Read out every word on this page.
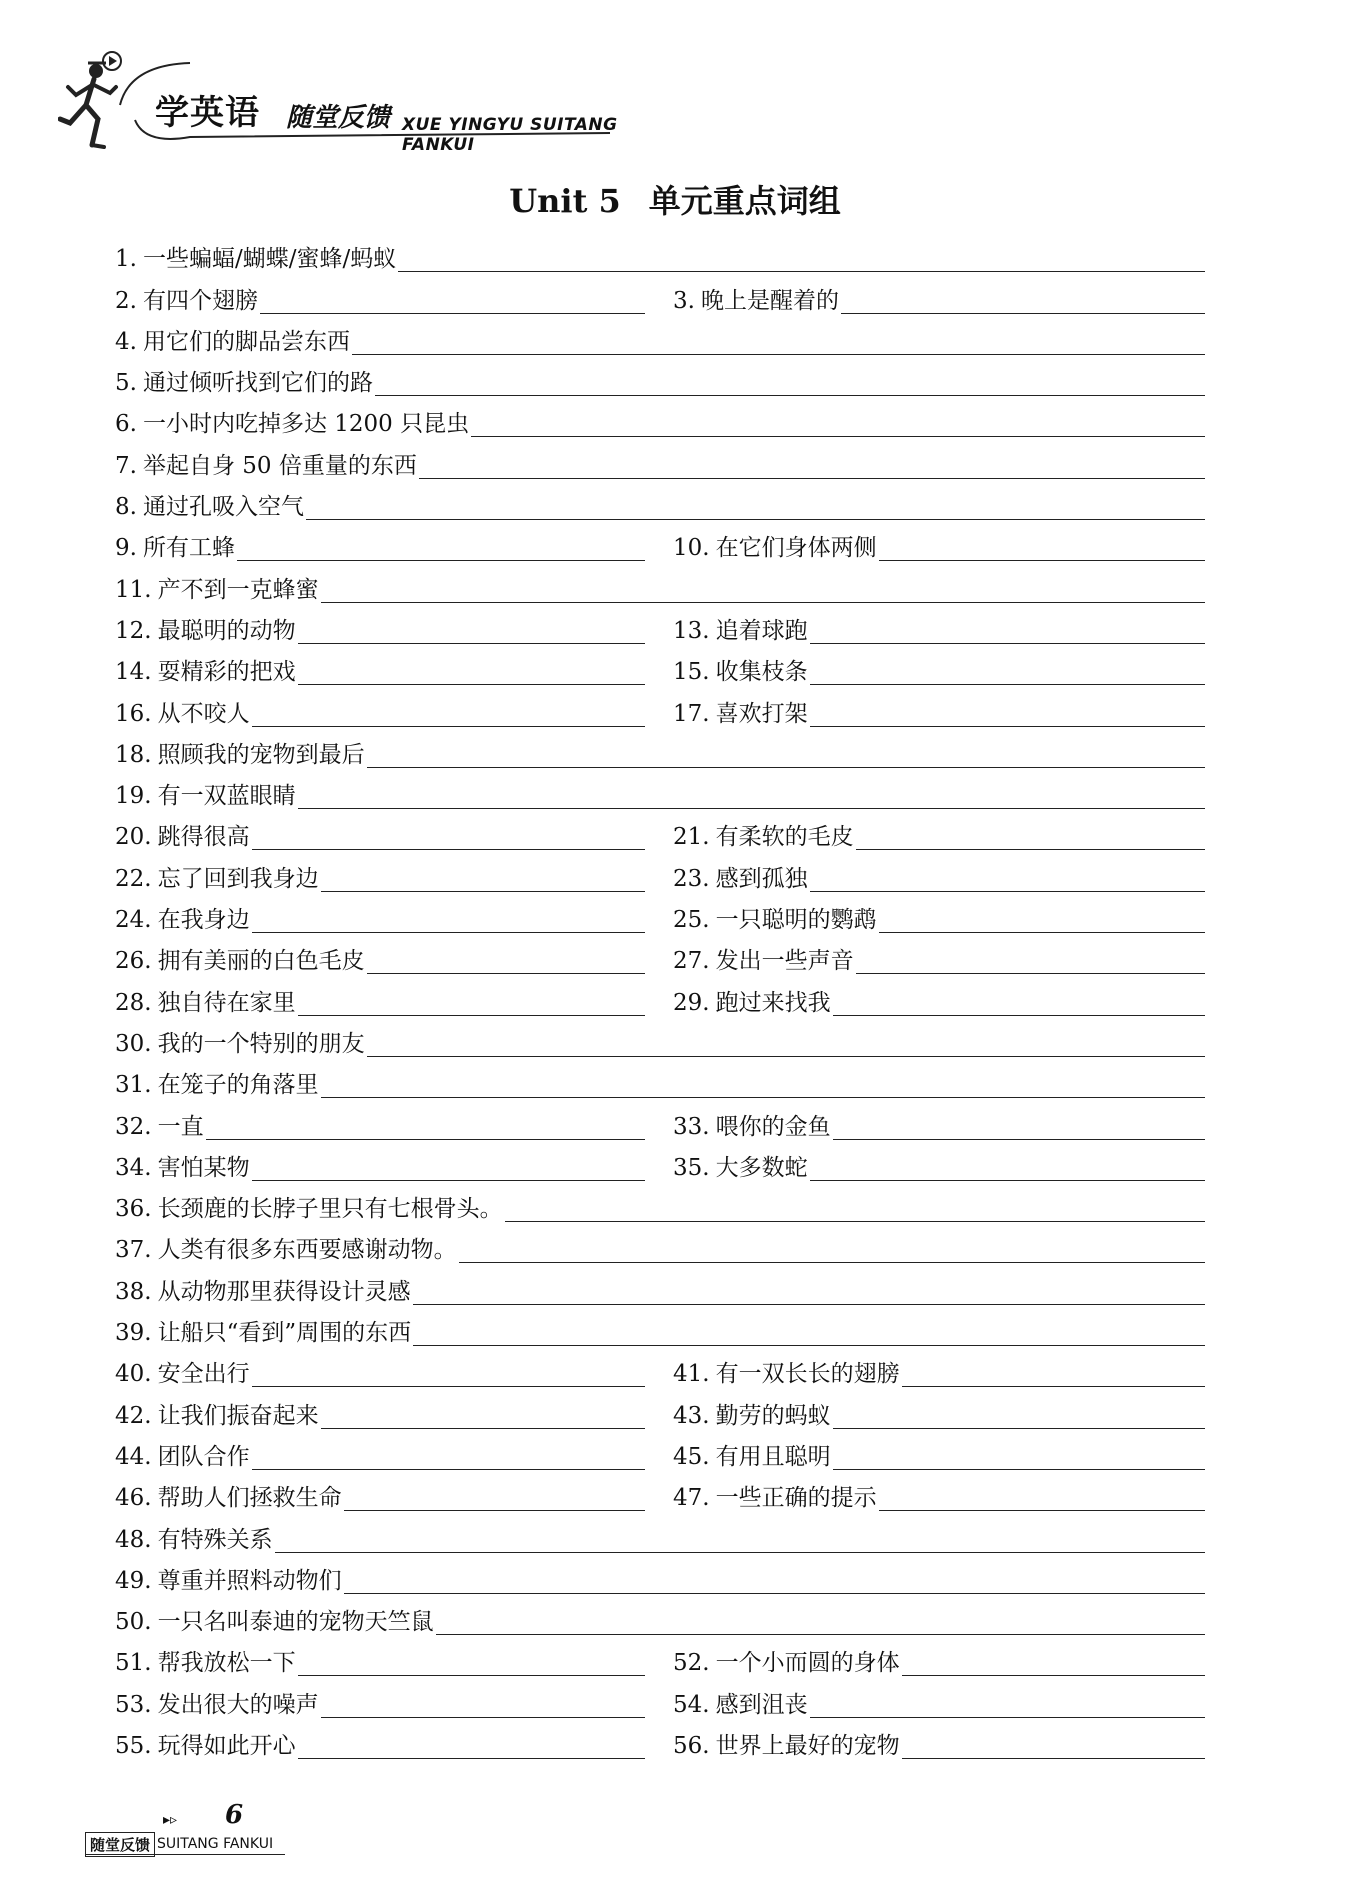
学英语 随堂反馈 XUE YINGYU SUITANG FANKUI
Unit 5 单元重点词组
1. 一些蝙蝠/蝴蝶/蜜蜂/蚂蚁
2. 有四个翅膀	3. 晚上是醒着的
4. 用它们的脚品尝东西
5. 通过倾听找到它们的路
6. 一小时内吃掉多达 1200 只昆虫
7. 举起自身 50 倍重量的东西
8. 通过孔吸入空气
9. 所有工蜂	10. 在它们身体两侧
11. 产不到一克蜂蜜
12. 最聪明的动物	13. 追着球跑
14. 耍精彩的把戏	15. 收集枝条
16. 从不咬人	17. 喜欢打架
18. 照顾我的宠物到最后
19. 有一双蓝眼睛
20. 跳得很高	21. 有柔软的毛皮
22. 忘了回到我身边	23. 感到孤独
24. 在我身边	25. 一只聪明的鹦鹉
26. 拥有美丽的白色毛皮	27. 发出一些声音
28. 独自待在家里	29. 跑过来找我
30. 我的一个特别的朋友
31. 在笼子的角落里
32. 一直	33. 喂你的金鱼
34. 害怕某物	35. 大多数蛇
36. 长颈鹿的长脖子里只有七根骨头。
37. 人类有很多东西要感谢动物。
38. 从动物那里获得设计灵感
39. 让船只“看到”周围的东西
40. 安全出行	41. 有一双长长的翅膀
42. 让我们振奋起来	43. 勤劳的蚂蚁
44. 团队合作	45. 有用且聪明
46. 帮助人们拯救生命	47. 一些正确的提示
48. 有特殊关系
49. 尊重并照料动物们
50. 一只名叫泰迪的宠物天竺鼠
51. 帮我放松一下	52. 一个小而圆的身体
53. 发出很大的噪声	54. 感到沮丧
55. 玩得如此开心	56. 世界上最好的宠物
▸▹ 6
随堂反馈 SUITANG FANKUI
